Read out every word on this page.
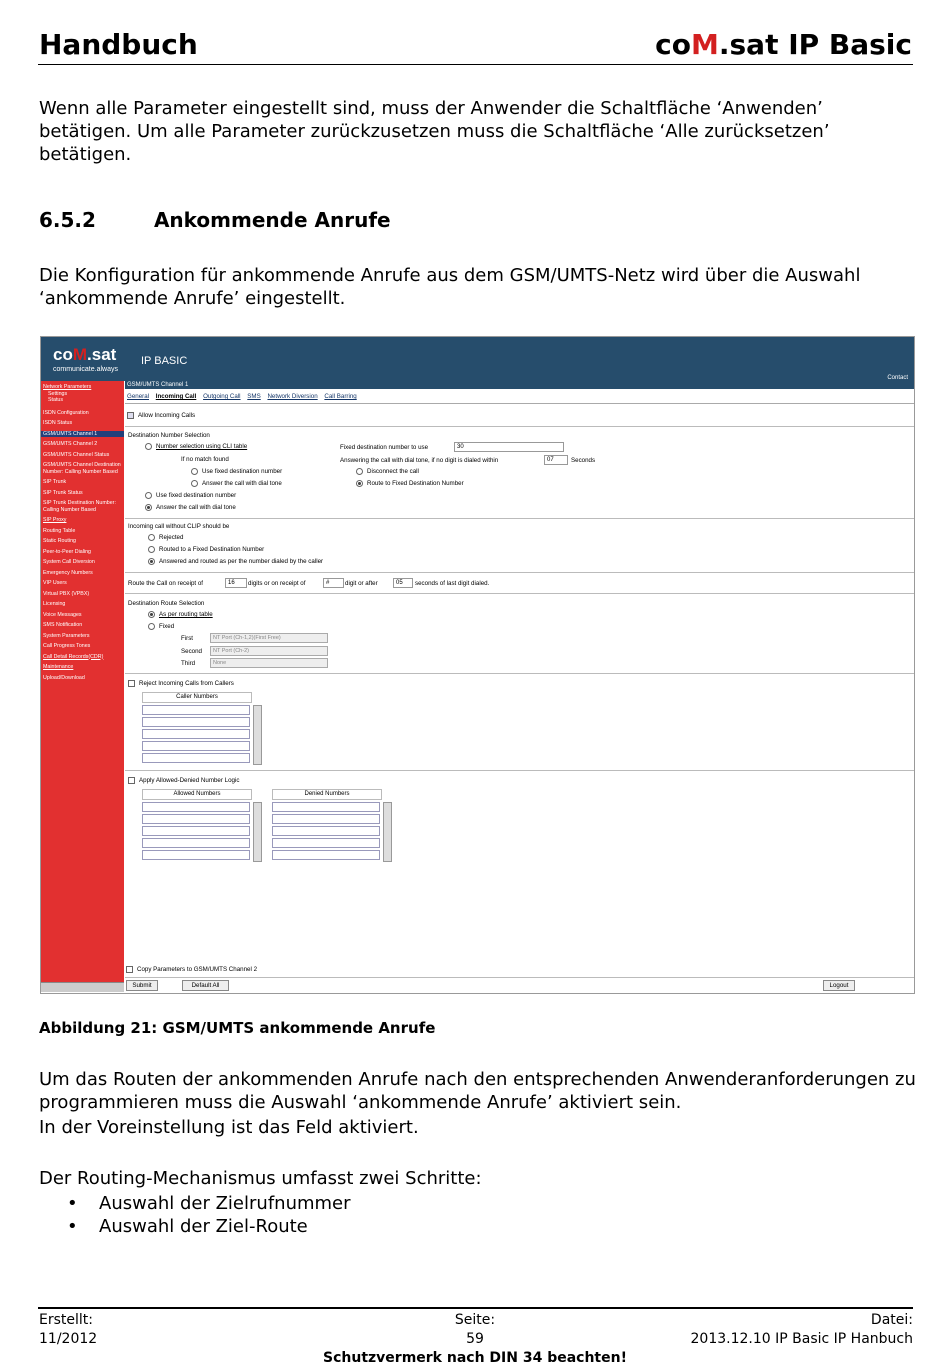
Handbuch	coM.sat IP Basic
Wenn alle Parameter eingestellt sind, muss der Anwender die Schaltfläche ‘Anwenden’ betätigen. Um alle Parameter zurückzusetzen muss die Schaltfläche ‘Alle zurücksetzen’ betätigen.
6.5.2	Ankommende Anrufe
Die Konfiguration für ankommende Anrufe aus dem GSM/UMTS-Netz wird über die Auswahl ‘ankommende Anrufe’ eingestellt.
coM.sat
communicate.always
IP BASIC
Contact
Network Parameters
Settings
Status
ISDN Configuration
ISDN Status
GSM/UMTS Channel 1
GSM/UMTS Channel 2
GSM/UMTS Channel Status
GSM/UMTS Channel Destination Number: Calling Number Based
SIP Trunk
SIP Trunk Status
SIP Trunk Destination Number: Calling Number Based
SIP Proxy
Routing Table
Static Routing
Peer-to-Peer Dialing
System Call Diversion
Emergency Numbers
VIP Users
Virtual PBX (VPBX)
Licensing
Voice Messages
SMS Notification
System Parameters
Call Progress Tones
Call Detail Records(CDR)
Maintenance
Upload/Download
GSM/UMTS Channel 1
General Incoming Call Outgoing Call SMS Network Diversion Call Barring
Allow Incoming Calls
Destination Number Selection
Number selection using CLI table
If no match found
Use fixed destination number
Answer the call with dial tone
Use fixed destination number
Answer the call with dial tone
Fixed destination number to use	30
Answering the call with dial tone, if no digit is dialed within	07	Seconds
Disconnect the call
Route to Fixed Destination Number
Incoming call without CLIP should be
Rejected
Routed to a Fixed Destination Number
Answered and routed as per the number dialed by the caller
Route the Call on receipt of	16	digits or on receipt of	#	digit or after	05	seconds of last digit dialed.
Destination Route Selection
As per routing table
Fixed
First	NT Port (Ch-1,2)(First Free)
Second	NT Port (Ch-2)
Third	None
Reject Incoming Calls from Callers
Caller Numbers
Apply Allowed-Denied Number Logic
Allowed Numbers	Denied Numbers
Copy Parameters to GSM/UMTS Channel 2
Submit	Default All	Logout
Abbildung 21: GSM/UMTS ankommende Anrufe
Um das Routen der ankommenden Anrufe nach den entsprechenden Anwenderanforderungen zu programmieren muss die Auswahl ‘ankommende Anrufe’ aktiviert sein.
In der Voreinstellung ist das Feld aktiviert.
Der Routing-Mechanismus umfasst zwei Schritte:
• Auswahl der Zielrufnummer
• Auswahl der Ziel-Route
Erstellt:
11/2012
Seite:
59
Datei:
2013.12.10 IP Basic IP Hanbuch
Schutzvermerk nach DIN 34 beachten!
